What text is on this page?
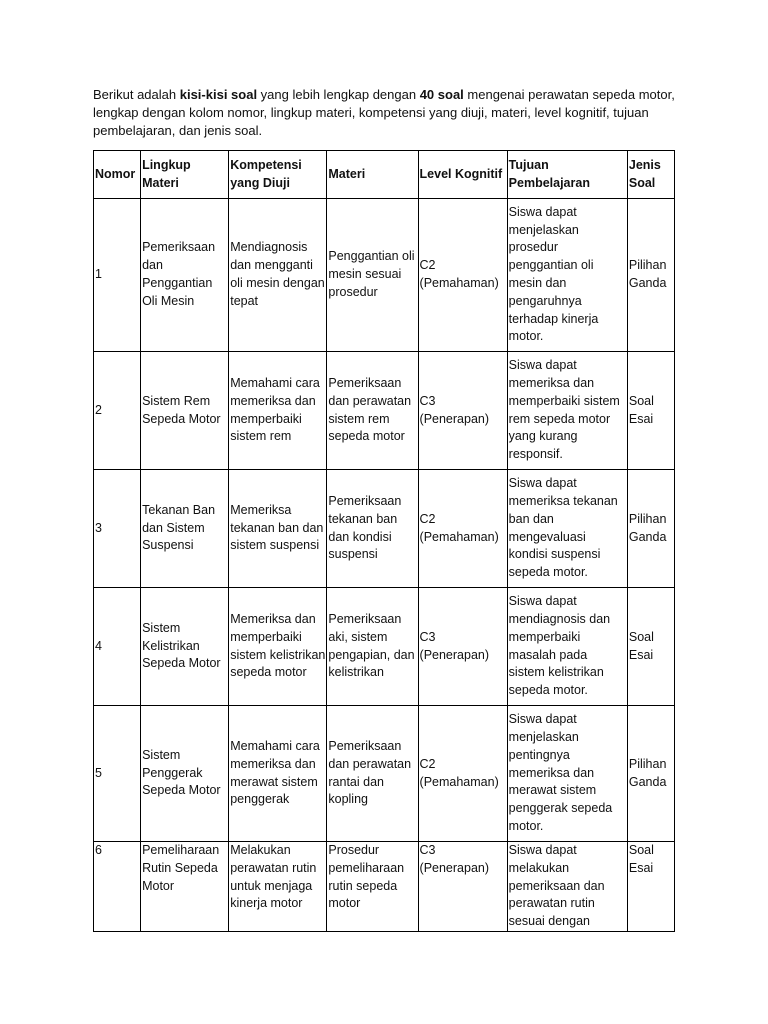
Berikut adalah kisi-kisi soal yang lebih lengkap dengan 40 soal mengenai perawatan sepeda motor, lengkap dengan kolom nomor, lingkup materi, kompetensi yang diuji, materi, level kognitif, tujuan pembelajaran, dan jenis soal.

Nomor	Lingkup Materi	Kompetensi yang Diuji	Materi	Level Kognitif	Tujuan Pembelajaran	Jenis Soal
1	Pemeriksaan dan Penggantian Oli Mesin	Mendiagnosis dan mengganti oli mesin dengan tepat	Penggantian oli mesin sesuai prosedur	C2 (Pemahaman)	Siswa dapat menjelaskan prosedur penggantian oli mesin dan pengaruhnya terhadap kinerja motor.	Pilihan Ganda
2	Sistem Rem Sepeda Motor	Memahami cara memeriksa dan memperbaiki sistem rem	Pemeriksaan dan perawatan sistem rem sepeda motor	C3 (Penerapan)	Siswa dapat memeriksa dan memperbaiki sistem rem sepeda motor yang kurang responsif.	Soal Esai
3	Tekanan Ban dan Sistem Suspensi	Memeriksa tekanan ban dan sistem suspensi	Pemeriksaan tekanan ban dan kondisi suspensi	C2 (Pemahaman)	Siswa dapat memeriksa tekanan ban dan mengevaluasi kondisi suspensi sepeda motor.	Pilihan Ganda
4	Sistem Kelistrikan Sepeda Motor	Memeriksa dan memperbaiki sistem kelistrikan sepeda motor	Pemeriksaan aki, sistem pengapian, dan kelistrikan	C3 (Penerapan)	Siswa dapat mendiagnosis dan memperbaiki masalah pada sistem kelistrikan sepeda motor.	Soal Esai
5	Sistem Penggerak Sepeda Motor	Memahami cara memeriksa dan merawat sistem penggerak	Pemeriksaan dan perawatan rantai dan kopling	C2 (Pemahaman)	Siswa dapat menjelaskan pentingnya memeriksa dan merawat sistem penggerak sepeda motor.	Pilihan Ganda
6	Pemeliharaan Rutin Sepeda Motor	Melakukan perawatan rutin untuk menjaga kinerja motor	Prosedur pemeliharaan rutin sepeda motor	C3 (Penerapan)	Siswa dapat melakukan pemeriksaan dan perawatan rutin sesuai dengan	Soal Esai
